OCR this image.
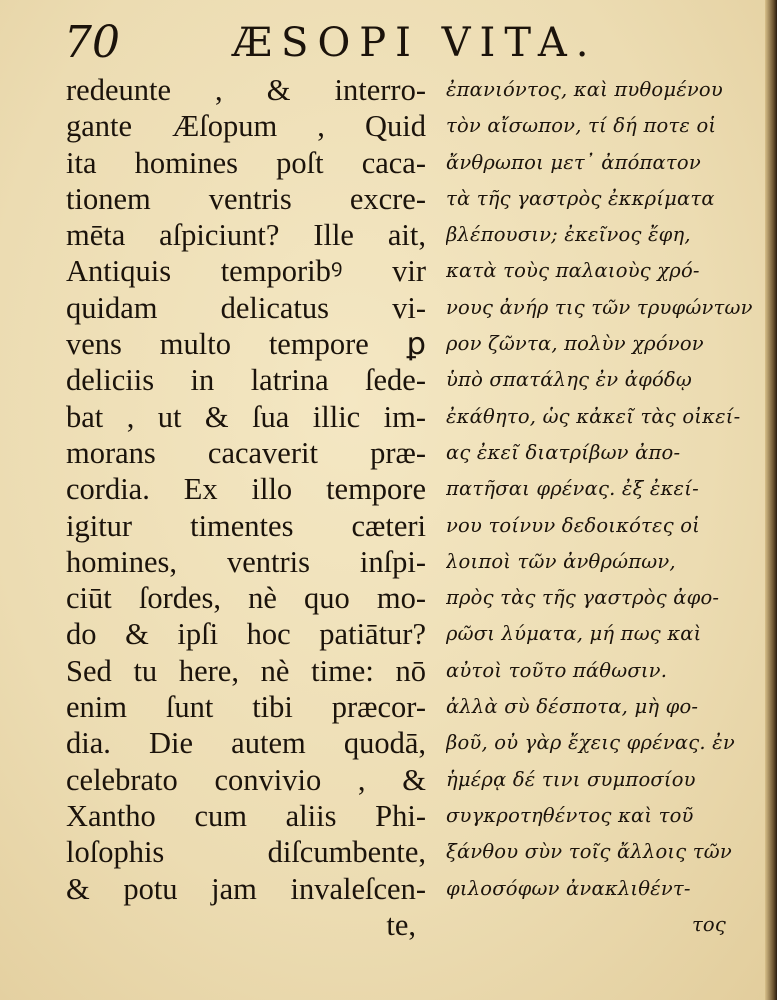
70	ÆSOPI VITA.
redeunte , & interro-
gante Æſopum , Quid
ita homines poſt caca-
tionem ventris excre-
mēta aſpiciunt? Ille ait,
Antiquis temporibꝰ vir
quidam delicatus vi-
vens multo tempore ꝑ
deliciis in latrina ſede-
bat , ut & ſua illic im-
morans cacaverit præ-
cordia. Ex illo tempore
igitur timentes cæteri
homines, ventris inſpi-
ciūt ſordes, nè quo mo-
do & ipſi hoc patiātur?
Sed tu here, nè time: nō
enim ſunt tibi præcor-
dia. Die autem quodā,
celebrato convivio , &
Xantho cum aliis Phi-
loſophis diſcumbente,
& potu jam invaleſcen-
te,
ἐπανιόντος, καὶ πυθομένου
τὸν αἴσωπον, τί δή ποτε οἱ
ἄνθρωποι μετ᾽ ἀπόπατον
τὰ τῆς γαστρὸς ἐκκρίματα
βλέπουσιν; ἐκεῖνος ἔφη,
κατὰ τοὺς παλαιοὺς χρό-
νους ἀνήρ τις τῶν τρυφώντων
ρον ζῶντα, πολὺν χρόνον
ὑπὸ σπατάλης ἐν ἀφόδῳ
ἐκάθητο, ὡς κἀκεῖ τὰς οἰκεί-
ας ἐκεῖ διατρίβων ἀπο-
πατῆσαι φρένας. ἐξ ἐκεί-
νου τοίνυν δεδοικότες οἱ
λοιποὶ τῶν ἀνθρώπων,
πρὸς τὰς τῆς γαστρὸς ἀφο-
ρῶσι λύματα, μή πως καὶ
αὐτοὶ τοῦτο πάθωσιν.
ἀλλὰ σὺ δέσποτα, μὴ φο-
βοῦ, οὐ γὰρ ἔχεις φρένας. ἐν
ἡμέρᾳ δέ τινι συμποσίου
συγκροτηθέντος καὶ τοῦ
ξάνθου σὺν τοῖς ἄλλοις τῶν
φιλοσόφων ἀνακλιθέντ-
τος
